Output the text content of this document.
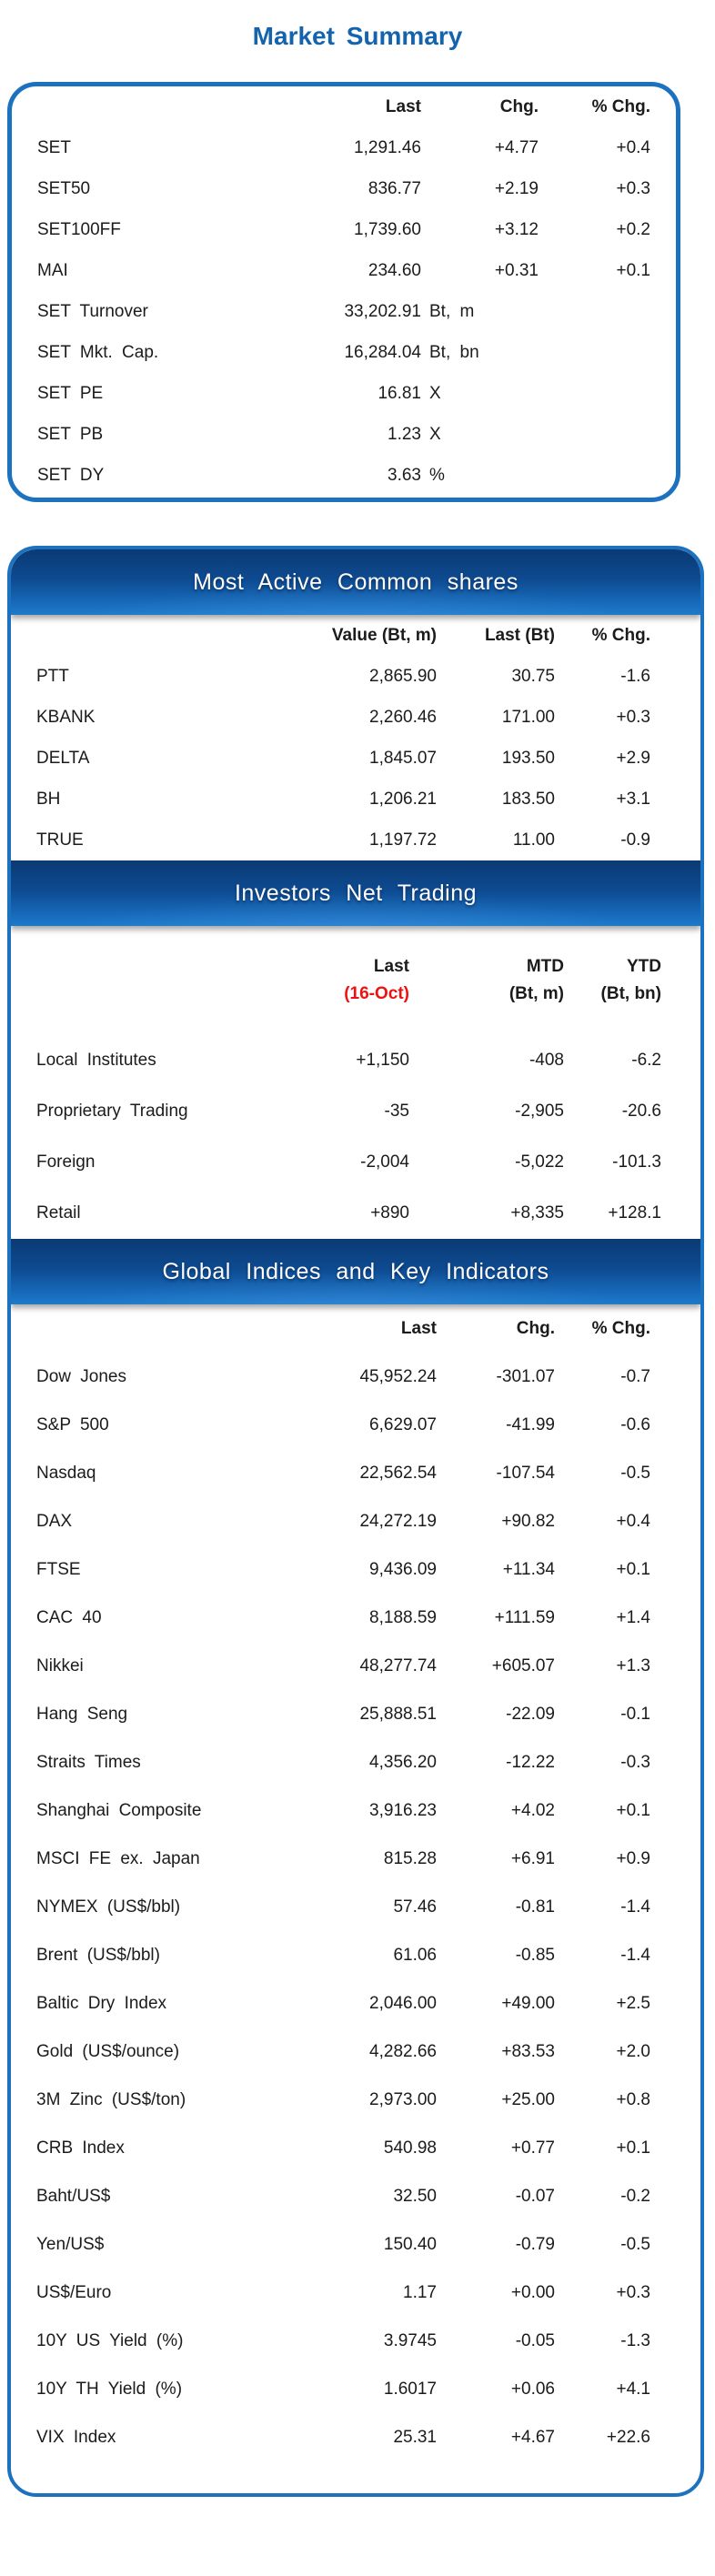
Market Summary
Last	Chg.	% Chg.
SET	1,291.46	+4.77	+0.4
SET50	836.77	+2.19	+0.3
SET100FF	1,739.60	+3.12	+0.2
MAI	234.60	+0.31	+0.1
SET Turnover	33,202.91 Bt, m
SET Mkt. Cap.	16,284.04 Bt, bn
SET PE	16.81 X
SET PB	1.23 X
SET DY	3.63 %
Most Active Common shares
Value (Bt, m)	Last (Bt)	% Chg.
PTT	2,865.90	30.75	-1.6
KBANK	2,260.46	171.00	+0.3
DELTA	1,845.07	193.50	+2.9
BH	1,206.21	183.50	+3.1
TRUE	1,197.72	11.00	-0.9
Investors Net Trading
Last	MTD	YTD
(16-Oct)	(Bt, m)	(Bt, bn)
Local Institutes	+1,150	-408	-6.2
Proprietary Trading	-35	-2,905	-20.6
Foreign	-2,004	-5,022	-101.3
Retail	+890	+8,335	+128.1
Global Indices and Key Indicators
Last	Chg.	% Chg.
Dow Jones	45,952.24	-301.07	-0.7
S&P 500	6,629.07	-41.99	-0.6
Nasdaq	22,562.54	-107.54	-0.5
DAX	24,272.19	+90.82	+0.4
FTSE	9,436.09	+11.34	+0.1
CAC 40	8,188.59	+111.59	+1.4
Nikkei	48,277.74	+605.07	+1.3
Hang Seng	25,888.51	-22.09	-0.1
Straits Times	4,356.20	-12.22	-0.3
Shanghai Composite	3,916.23	+4.02	+0.1
MSCI FE ex. Japan	815.28	+6.91	+0.9
NYMEX (US$/bbl)	57.46	-0.81	-1.4
Brent (US$/bbl)	61.06	-0.85	-1.4
Baltic Dry Index	2,046.00	+49.00	+2.5
Gold (US$/ounce)	4,282.66	+83.53	+2.0
3M Zinc (US$/ton)	2,973.00	+25.00	+0.8
CRB Index	540.98	+0.77	+0.1
Baht/US$	32.50	-0.07	-0.2
Yen/US$	150.40	-0.79	-0.5
US$/Euro	1.17	+0.00	+0.3
10Y US Yield (%)	3.9745	-0.05	-1.3
10Y TH Yield (%)	1.6017	+0.06	+4.1
VIX Index	25.31	+4.67	+22.6
